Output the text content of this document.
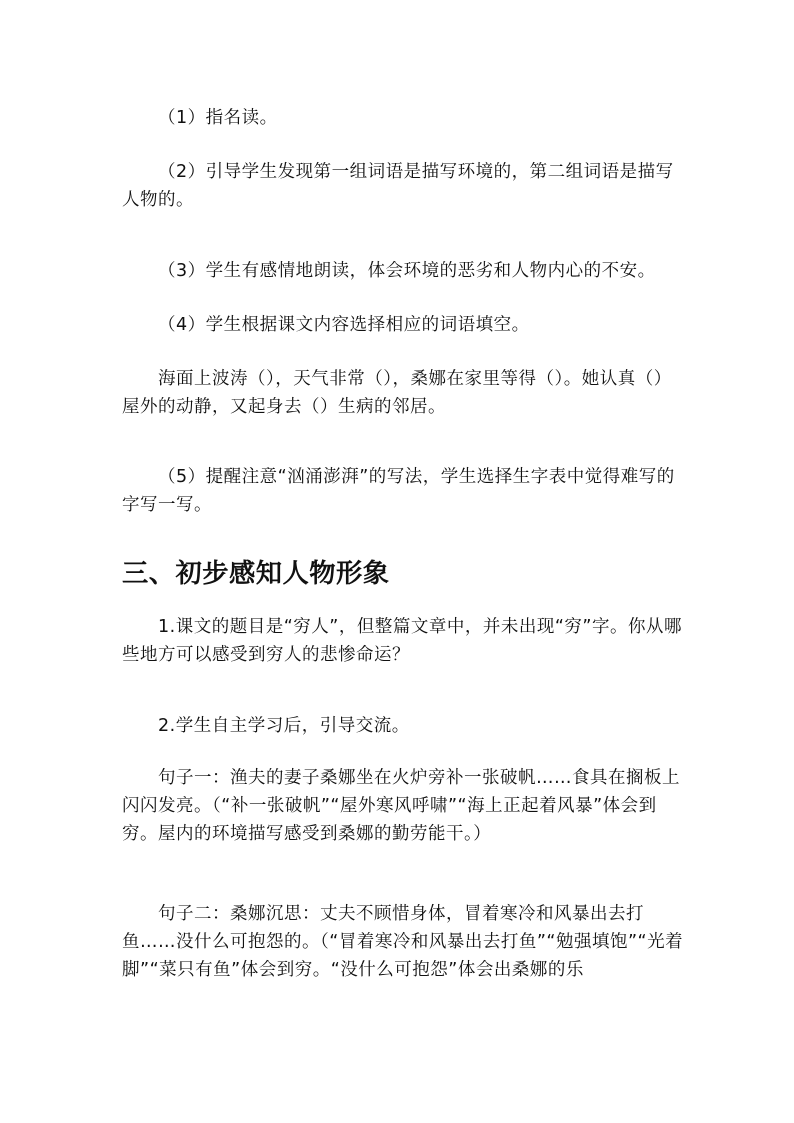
（1）指名读。

（2）引导学生发现第一组词语是描写环境的，第二组词语是描写人物的。

（3）学生有感情地朗读，体会环境的恶劣和人物内心的不安。

（4）学生根据课文内容选择相应的词语填空。

海面上波涛（），天气非常（），桑娜在家里等得（）。她认真（）屋外的动静，又起身去（）生病的邻居。

（5）提醒注意“汹涌澎湃”的写法，学生选择生字表中觉得难写的字写一写。

三、初步感知人物形象

1.课文的题目是“穷人”，但整篇文章中，并未出现“穷”字。你从哪些地方可以感受到穷人的悲惨命运？

2.学生自主学习后，引导交流。

句子一：渔夫的妻子桑娜坐在火炉旁补一张破帆……食具在搁板上闪闪发亮。（“补一张破帆”“屋外寒风呼啸”“海上正起着风暴”体会到穷。屋内的环境描写感受到桑娜的勤劳能干。）

句子二：桑娜沉思：丈夫不顾惜身体，冒着寒冷和风暴出去打鱼……没什么可抱怨的。（“冒着寒冷和风暴出去打鱼”“勉强填饱”“光着脚”“菜只有鱼”体会到穷。“没什么可抱怨”体会出桑娜的乐
